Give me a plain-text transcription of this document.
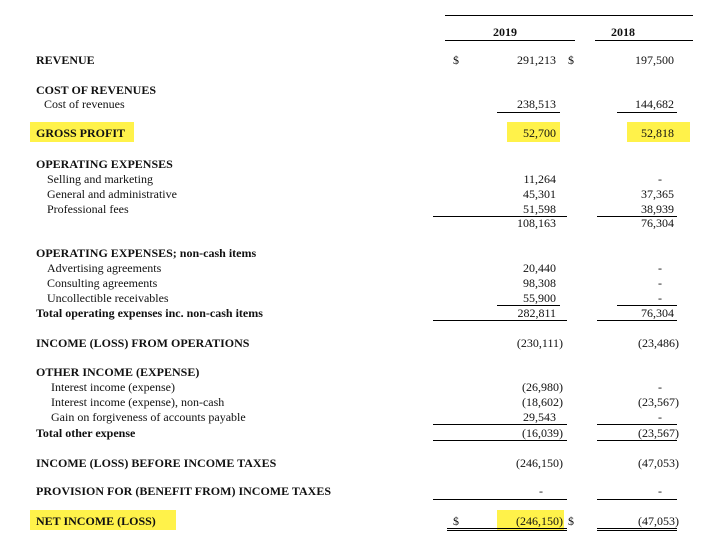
2019	2018
REVENUE	$	291,213 $	197,500
COST OF REVENUES
Cost of revenues	238,513	144,682
GROSS PROFIT	52,700	52,818
OPERATING EXPENSES
Selling and marketing	11,264	-
General and administrative	45,301	37,365
Professional fees	51,598	38,939
108,163	76,304
OPERATING EXPENSES; non-cash items
Advertising agreements	20,440	-
Consulting agreements	98,308	-
Uncollectible receivables	55,900	-
Total operating expenses inc. non-cash items	282,811	76,304
INCOME (LOSS) FROM OPERATIONS	(230,111)	(23,486)
OTHER INCOME (EXPENSE)
Interest income (expense)	(26,980)	-
Interest income (expense), non-cash	(18,602)	(23,567)
Gain on forgiveness of accounts payable	29,543	-
Total other expense	(16,039)	(23,567)
INCOME (LOSS) BEFORE INCOME TAXES	(246,150)	(47,053)
PROVISION FOR (BENEFIT FROM) INCOME TAXES	-	-
NET INCOME (LOSS)	$	(246,150) $	(47,053)
